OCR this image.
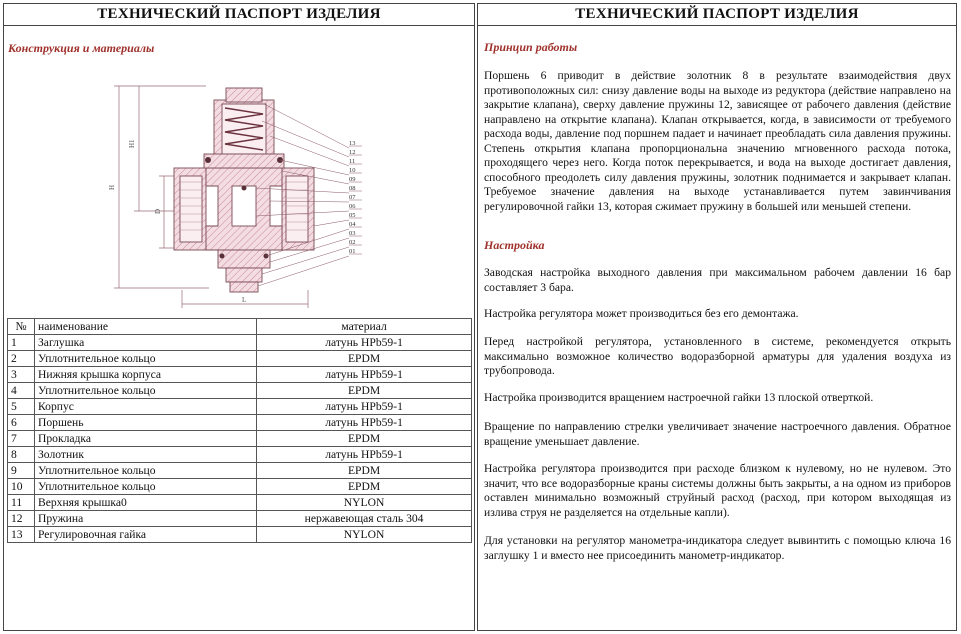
ТЕХНИЧЕСКИЙ ПАСПОРТ ИЗДЕЛИЯ
Конструкция и материалы
13
12
11
10
09
08
07
06
05
04
03
02
01
H1
H
D
L
№	наименование	материал
1	Заглушка	латунь HPb59-1
2	Уплотнительное кольцо	EPDM
3	Нижняя крышка корпуса	латунь HPb59-1
4	Уплотнительное кольцо	EPDM
5	Корпус	латунь HPb59-1
6	Поршень	латунь HPb59-1
7	Прокладка	EPDM
8	Золотник	латунь HPb59-1
9	Уплотнительное кольцо	EPDM
10	Уплотнительное кольцо	EPDM
11	Верхняя крышка0	NYLON
12	Пружина	нержавеющая сталь 304
13	Регулировочная гайка	NYLON
ТЕХНИЧЕСКИЙ ПАСПОРТ ИЗДЕЛИЯ
Принцип работы

Поршень 6 приводит в действие золотник 8 в результате взаимодействия двух противоположных сил: снизу давление воды на выходе из редуктора (действие направлено на закрытие клапана), сверху давление пружины 12, зависящее от рабочего давления (действие направлено на открытие клапана). Клапан открывается, когда, в зависимости от требуемого расхода воды, давление под поршнем падает и начинает преобладать сила давления пружины. Степень открытия клапана пропорциональна значению мгновенного расхода потока, проходящего через него. Когда поток перекрывается, и вода на выходе достигает давления, способного преодолеть силу давления пружины, золотник поднимается и закрывает клапан. Требуемое значение давления на выходе устанавливается путем завинчивания регулировочной гайки 13, которая сжимает пружину в большей или меньшей степени.

Настройка

Заводская настройка выходного давления при максимальном рабочем давлении 16 бар составляет 3 бара.

Настройка регулятора может производиться без его демонтажа.

Перед настройкой регулятора, установленного в системе, рекомендуется открыть максимально возможное количество водоразборной арматуры для удаления воздуха из трубопровода.

Настройка производится вращением настроечной гайки 13 плоской отверткой.

Вращение по направлению стрелки увеличивает значение настроечного давления. Обратное вращение уменьшает давление.

Настройка регулятора производится при расходе близком к нулевому, но не нулевом. Это значит, что все водоразборные краны системы должны быть закрыты, а на одном из приборов оставлен минимально возможный струйный расход (расход, при котором выходящая из излива струя не разделяется на отдельные капли).

Для установки на регулятор манометра-индикатора следует вывинтить с помощью ключа 16 заглушку 1 и вместо нее присоединить манометр-индикатор.
